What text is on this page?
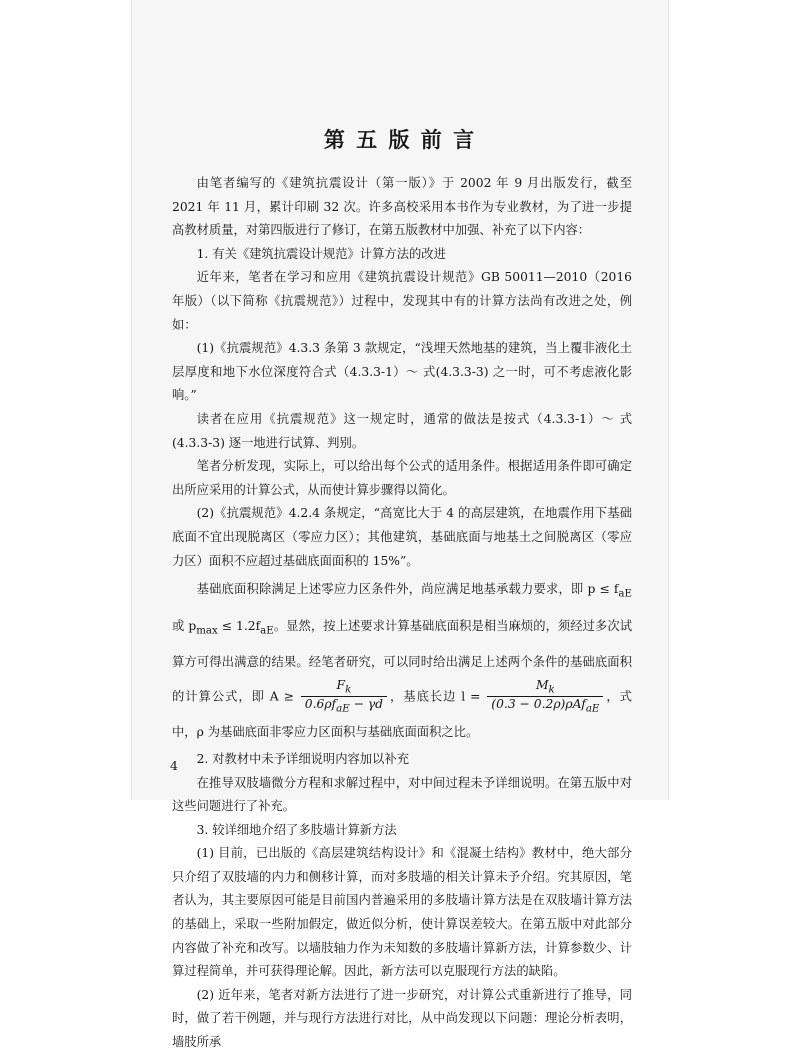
第 五 版 前 言

由笔者编写的《建筑抗震设计（第一版）》于 2002 年 9 月出版发行，截至 2021 年 11 月，累计印刷 32 次。许多高校采用本书作为专业教材，为了进一步提高教材质量，对第四版进行了修订，在第五版教材中加强、补充了以下内容：

1. 有关《建筑抗震设计规范》计算方法的改进

近年来，笔者在学习和应用《建筑抗震设计规范》GB 50011—2010（2016 年版）（以下简称《抗震规范》）过程中，发现其中有的计算方法尚有改进之处，例如：

(1)《抗震规范》4.3.3 条第 3 款规定，“浅埋天然地基的建筑，当上覆非液化土层厚度和地下水位深度符合式（4.3.3-1）～ 式(4.3.3-3) 之一时，可不考虑液化影响。”

读者在应用《抗震规范》这一规定时，通常的做法是按式（4.3.3-1）～ 式(4.3.3-3) 逐一地进行试算、判别。

笔者分析发现，实际上，可以给出每个公式的适用条件。根据适用条件即可确定出所应采用的计算公式，从而使计算步骤得以简化。

(2)《抗震规范》4.2.4 条规定，“高宽比大于 4 的高层建筑，在地震作用下基础底面不宜出现脱离区（零应力区）；其他建筑，基础底面与地基土之间脱离区（零应力区）面积不应超过基础底面面积的 15%”。

基础底面积除满足上述零应力区条件外，尚应满足地基承载力要求，即 $p \le f_{aE}$ 或 $p_{max} \le 1.2f_{aE}$。显然，按上述要求计算基础底面积是相当麻烦的，须经过多次试算方可得出满意的结果。经笔者研究，可以同时给出满足上述两个条件的基础底面积的计算公式，即 $A \ge \frac{F_k}{0.6\rho f_{aE} - \gamma d}$ ，基底长边 $l = \frac{M_k}{(0.3 - 0.2\rho)\rho Af_{aE}}$ ，式中，ρ 为基础底面非零应力区面积与基础底面面积之比。

2. 对教材中未予详细说明内容加以补充

在推导双肢墙微分方程和求解过程中，对中间过程未予详细说明。在第五版中对这些问题进行了补充。

3. 较详细地介绍了多肢墙计算新方法

(1) 目前，已出版的《高层建筑结构设计》和《混凝土结构》教材中，绝大部分只介绍了双肢墙的内力和侧移计算，而对多肢墙的相关计算未予介绍。究其原因，笔者认为，其主要原因可能是目前国内普遍采用的多肢墙计算方法是在双肢墙计算方法的基础上，采取一些附加假定，做近似分析，使计算误差较大。在第五版中对此部分内容做了补充和改写。以墙肢轴力作为未知数的多肢墙计算新方法，计算参数少、计算过程简单，并可获得理论解。因此，新方法可以克服现行方法的缺陷。

(2) 近年来，笔者对新方法进行了进一步研究，对计算公式重新进行了推导，同时，做了若干例题，并与现行方法进行对比，从中尚发现以下问题：理论分析表明，墙肢所承

4
